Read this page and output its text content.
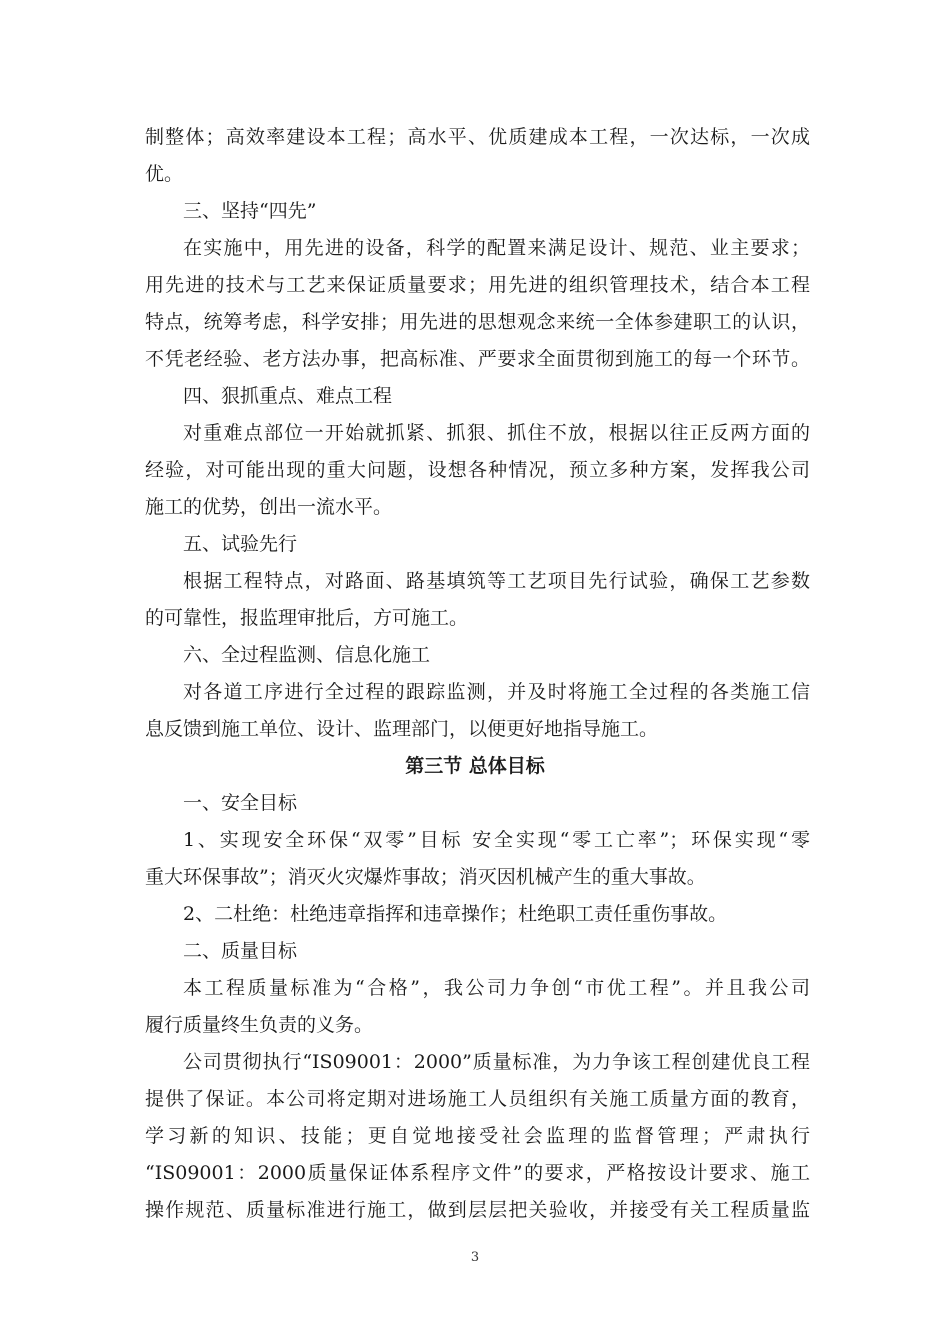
制整体；高效率建设本工程；高水平、优质建成本工程，一次达标，一次成
优。
三、坚持“四先”
在实施中，用先进的设备，科学的配置来满足设计、规范、业主要求；
用先进的技术与工艺来保证质量要求；用先进的组织管理技术，结合本工程
特点，统筹考虑，科学安排；用先进的思想观念来统一全体参建职工的认识，
不凭老经验、老方法办事，把高标准、严要求全面贯彻到施工的每一个环节。
四、狠抓重点、难点工程
对重难点部位一开始就抓紧、抓狠、抓住不放，根据以往正反两方面的
经验，对可能出现的重大问题，设想各种情况，预立多种方案，发挥我公司
施工的优势，创出一流水平。
五、试验先行
根据工程特点，对路面、路基填筑等工艺项目先行试验，确保工艺参数
的可靠性，报监理审批后，方可施工。
六、全过程监测、信息化施工
对各道工序进行全过程的跟踪监测，并及时将施工全过程的各类施工信
息反馈到施工单位、设计、监理部门，以便更好地指导施工。
第三节 总体目标
一、安全目标
1、实现安全环保“双零”目标 安全实现“零工亡率”；环保实现“零
重大环保事故”；消灭火灾爆炸事故；消灭因机械产生的重大事故。
2、二杜绝：杜绝违章指挥和违章操作；杜绝职工责任重伤事故。
二、质量目标
本工程质量标准为“合格”，我公司力争创“市优工程”。并且我公司
履行质量终生负责的义务。
公司贯彻执行“IS09001：2000”质量标准，为力争该工程创建优良工程
提供了保证。本公司将定期对进场施工人员组织有关施工质量方面的教育，
学习新的知识、技能；更自觉地接受社会监理的监督管理；严肃执行
“IS09001：2000质量保证体系程序文件”的要求，严格按设计要求、施工
操作规范、质量标准进行施工，做到层层把关验收，并接受有关工程质量监
3
